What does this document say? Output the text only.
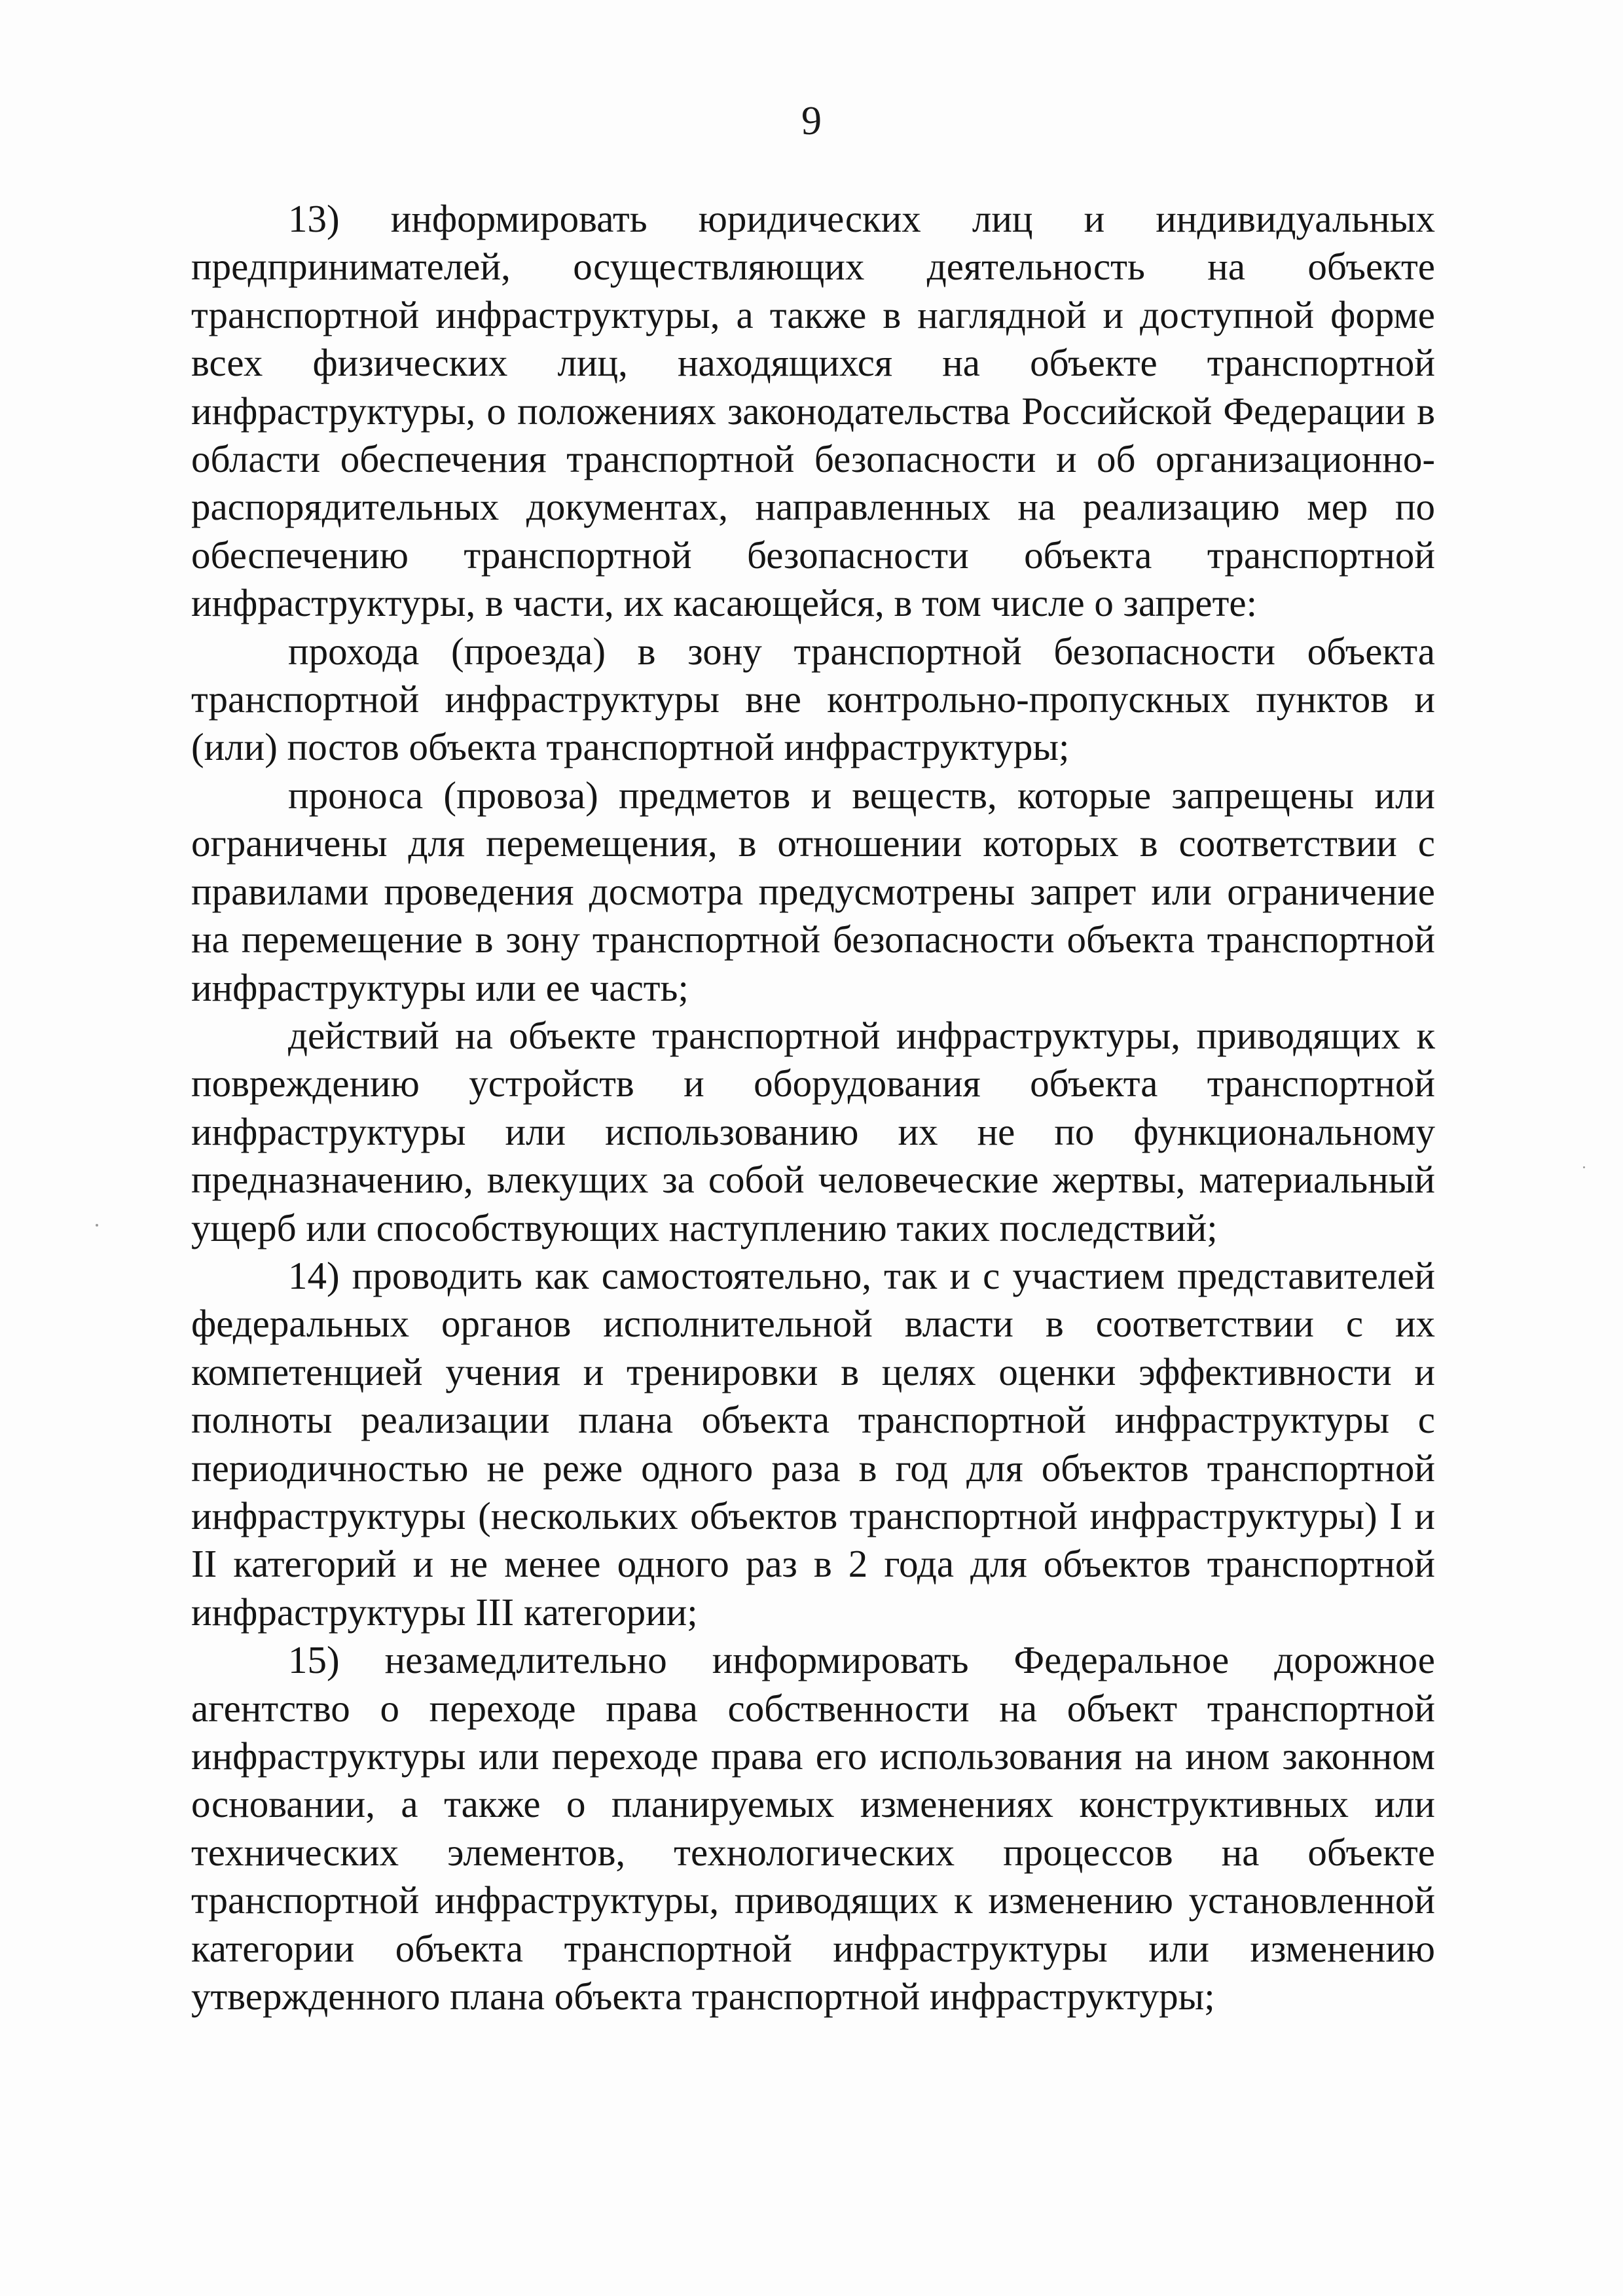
9

13) информировать юридических лиц и индивидуальных предпринимателей, осуществляющих деятельность на объекте транспортной инфраструктуры, а также в наглядной и доступной форме всех физических лиц, находящихся на объекте транспортной инфраструктуры, о положениях законодательства Российской Федерации в области обеспечения транспортной безопасности и об организационно-распорядительных документах, направленных на реализацию мер по обеспечению транспортной безопасности объекта транспортной инфраструктуры, в части, их касающейся, в том числе о запрете:

прохода (проезда) в зону транспортной безопасности объекта транспортной инфраструктуры вне контрольно-пропускных пунктов и (или) постов объекта транспортной инфраструктуры;

проноса (провоза) предметов и веществ, которые запрещены или ограничены для перемещения, в отношении которых в соответствии с правилами проведения досмотра предусмотрены запрет или ограничение на перемещение в зону транспортной безопасности объекта транспортной инфраструктуры или ее часть;

действий на объекте транспортной инфраструктуры, приводящих к повреждению устройств и оборудования объекта транспортной инфраструктуры или использованию их не по функциональному предназначению, влекущих за собой человеческие жертвы, материальный ущерб или способствующих наступлению таких последствий;

14) проводить как самостоятельно, так и с участием представителей федеральных органов исполнительной власти в соответствии с их компетенцией учения и тренировки в целях оценки эффективности и полноты реализации плана объекта транспортной инфраструктуры с периодичностью не реже одного раза в год для объектов транспортной инфраструктуры (нескольких объектов транспортной инфраструктуры) I и II категорий и не менее одного раз в 2 года для объектов транспортной инфраструктуры III категории;

15) незамедлительно информировать Федеральное дорожное агентство о переходе права собственности на объект транспортной инфраструктуры или переходе права его использования на ином законном основании, а также о планируемых изменениях конструктивных или технических элементов, технологических процессов на объекте транспортной инфраструктуры, приводящих к изменению установленной категории объекта транспортной инфраструктуры или изменению утвержденного плана объекта транспортной инфраструктуры;
